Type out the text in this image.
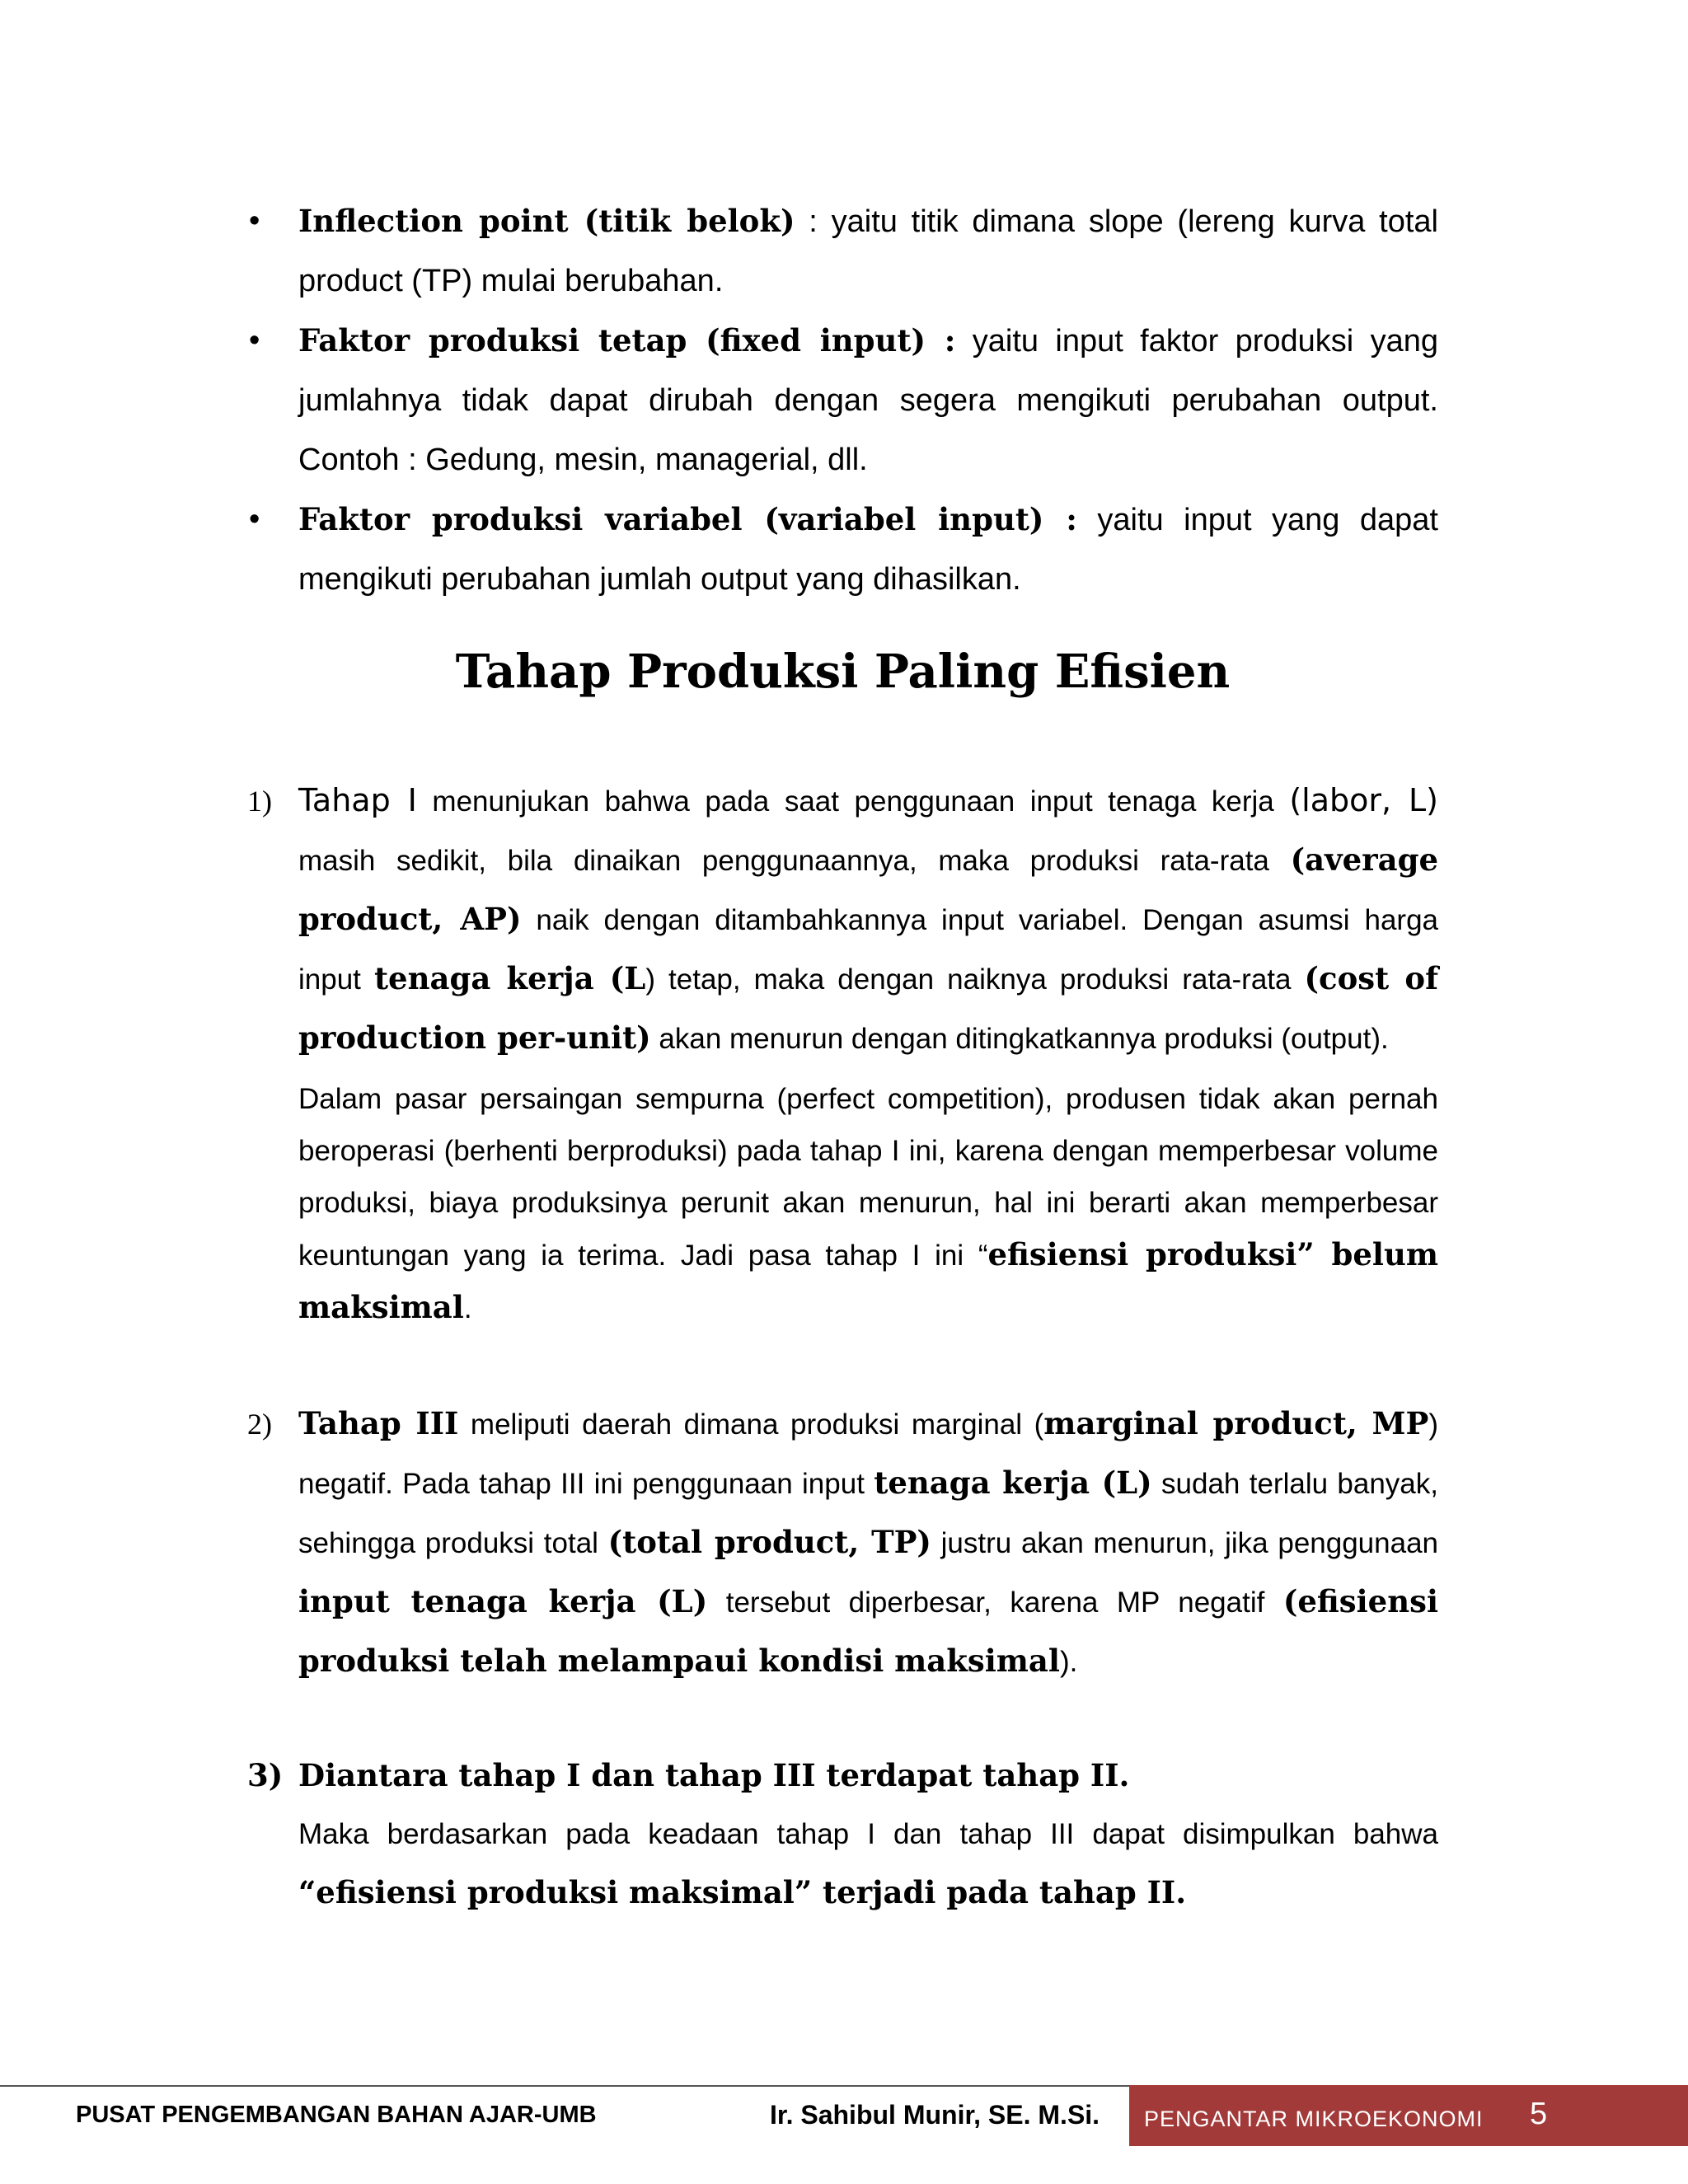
• Inflection point (titik belok) : yaitu titik dimana slope (lereng kurva total product (TP) mulai berubahan.
• Faktor produksi tetap (fixed input) : yaitu input faktor produksi yang jumlahnya tidak dapat dirubah dengan segera mengikuti perubahan output. Contoh : Gedung, mesin, managerial, dll.
• Faktor produksi variabel (variabel input) : yaitu input yang dapat mengikuti perubahan jumlah output yang dihasilkan.
Tahap Produksi Paling Efisien
1) Tahap I menunjukan bahwa pada saat penggunaan input tenaga kerja (labor, L) masih sedikit, bila dinaikan penggunaannya, maka produksi rata-rata (average product, AP) naik dengan ditambahkannya input variabel. Dengan asumsi harga input tenaga kerja (L) tetap, maka dengan naiknya produksi rata-rata (cost of production per-unit) akan menurun dengan ditingkatkannya produksi (output).
Dalam pasar persaingan sempurna (perfect competition), produsen tidak akan pernah beroperasi (berhenti berproduksi) pada tahap I ini, karena dengan memperbesar volume produksi, biaya produksinya perunit akan menurun, hal ini berarti akan memperbesar keuntungan yang ia terima. Jadi pasa tahap I ini “efisiensi produksi” belum maksimal.
2) Tahap III meliputi daerah dimana produksi marginal (marginal product, MP) negatif. Pada tahap III ini penggunaan input tenaga kerja (L) sudah terlalu banyak, sehingga produksi total (total product, TP) justru akan menurun, jika penggunaan input tenaga kerja (L) tersebut diperbesar, karena MP negatif (efisiensi produksi telah melampaui kondisi maksimal).
3) Diantara tahap I dan tahap III terdapat tahap II.
Maka berdasarkan pada keadaan tahap I dan tahap III dapat disimpulkan bahwa “efisiensi produksi maksimal” terjadi pada tahap II.
PUSAT PENGEMBANGAN BAHAN AJAR-UMB	Ir. Sahibul Munir, SE. M.Si. PENGANTAR MIKROEKONOMI 5
